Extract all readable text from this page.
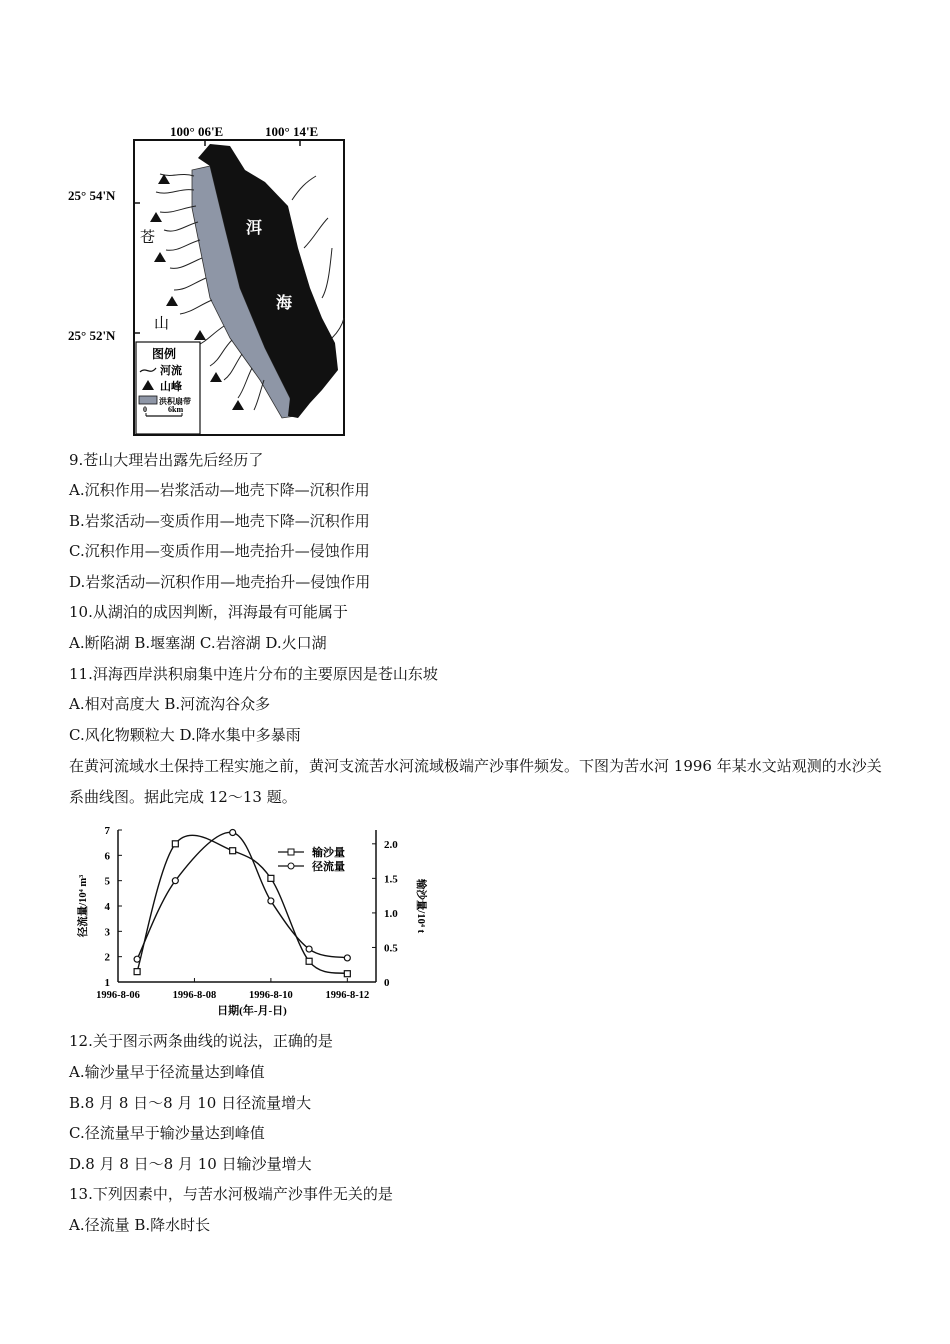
100° 06'E	100° 14'E
25° 54'N
25° 52'N
洱
海
苍
山
图例
河流
山峰
洪积扇带
0	6km
9.苍山大理岩出露先后经历了
A.沉积作用—岩浆活动—地壳下降—沉积作用
B.岩浆活动—变质作用—地壳下降—沉积作用
C.沉积作用—变质作用—地壳抬升—侵蚀作用
D.岩浆活动—沉积作用—地壳抬升—侵蚀作用
10.从湖泊的成因判断，洱海最有可能属于
A.断陷湖 B.堰塞湖 C.岩溶湖 D.火口湖
11.洱海西岸洪积扇集中连片分布的主要原因是苍山东坡
A.相对高度大 B.河流沟谷众多
C.风化物颗粒大 D.降水集中多暴雨
在黄河流域水土保持工程实施之前，黄河支流苦水河流域极端产沙事件频发。下图为苦水河 1996 年某水文站观测的水沙关系曲线图。据此完成 12～13 题。
1
2
3
4
5
6
7
0
0.5
1.0
1.5
2.0
1996-8-06	1996-8-08	1996-8-10	1996-8-12
输沙量
径流量
日期(年-月-日)
径流量/10⁴ m³	输沙量/10⁴ t
12.关于图示两条曲线的说法，正确的是
A.输沙量早于径流量达到峰值
B.8 月 8 日～8 月 10 日径流量增大
C.径流量早于输沙量达到峰值
D.8 月 8 日～8 月 10 日输沙量增大
13.下列因素中，与苦水河极端产沙事件无关的是
A.径流量 B.降水时长
